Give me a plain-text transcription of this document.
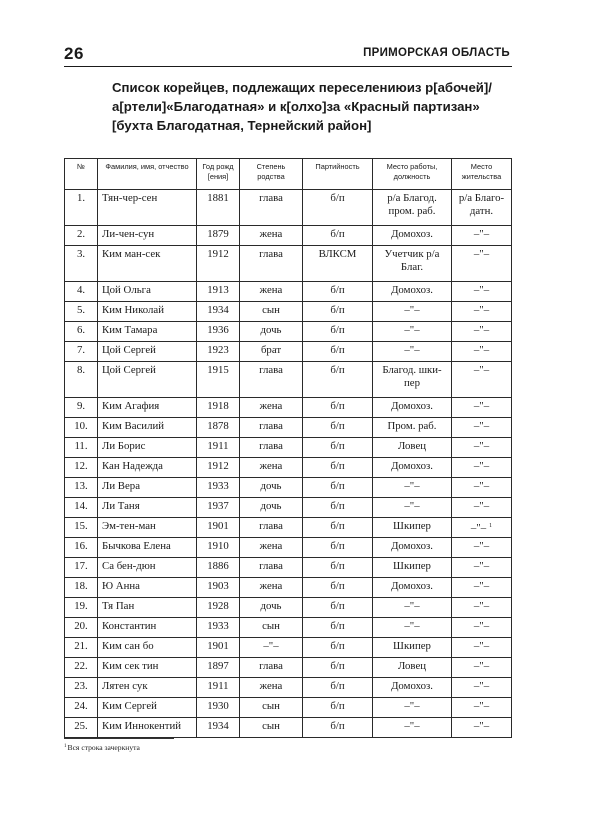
26	ПРИМОРСКАЯ ОБЛАСТЬ
Список корейцев, подлежащих переселениюиз р[абочей]/
а[ртели]«Благодатная» и к[олхо]за «Красный партизан»
[бухта Благодатная, Тернейский район]
№	Фамилия, имя, отчество	Год рожд [ения]	Степень родства	Партийность	Место работы, должность	Место жительства
1.	Тян-чер-сен	1881	глава	б/п	р/а Благод. пром. раб.	р/а Благо- датн.
2.	Ли-чен-сун	1879	жена	б/п	Домохоз.	–"–
3.	Ким ман-сек	1912	глава	ВЛКСМ	Учетчик р/а Благ.	–"–
4.	Цой Ольга	1913	жена	б/п	Домохоз.	–"–
5.	Ким Николай	1934	сын	б/п	–"–	–"–
6.	Ким Тамара	1936	дочь	б/п	–"–	–"–
7.	Цой Сергей	1923	брат	б/п	–"–	–"–
8.	Цой Сергей	1915	глава	б/п	Благод. шки- пер	–"–
9.	Ким Агафия	1918	жена	б/п	Домохоз.	–"–
10.	Ким Василий	1878	глава	б/п	Пром. раб.	–"–
11.	Ли Борис	1911	глава	б/п	Ловец	–"–
12.	Кан Надежда	1912	жена	б/п	Домохоз.	–"–
13.	Ли Вера	1933	дочь	б/п	–"–	–"–
14.	Ли Таня	1937	дочь	б/п	–"–	–"–
15.	Эм-тен-ман	1901	глава	б/п	Шкипер	–"– $^1$
16.	Бычкова Елена	1910	жена	б/п	Домохоз.	–"–
17.	Са бен-дюн	1886	глава	б/п	Шкипер	–"–
18.	Ю Анна	1903	жена	б/п	Домохоз.	–"–
19.	Тя Пан	1928	дочь	б/п	–"–	–"–
20.	Константин	1933	сын	б/п	–"–	–"–
21.	Ким сан бо	1901	–"–	б/п	Шкипер	–"–
22.	Ким сек тин	1897	глава	б/п	Ловец	–"–
23.	Лятен сук	1911	жена	б/п	Домохоз.	–"–
24.	Ким Сергей	1930	сын	б/п	–"–	–"–
25.	Ким Иннокентий	1934	сын	б/п	–"–	–"–
$^1$Вся строка зачеркнута
